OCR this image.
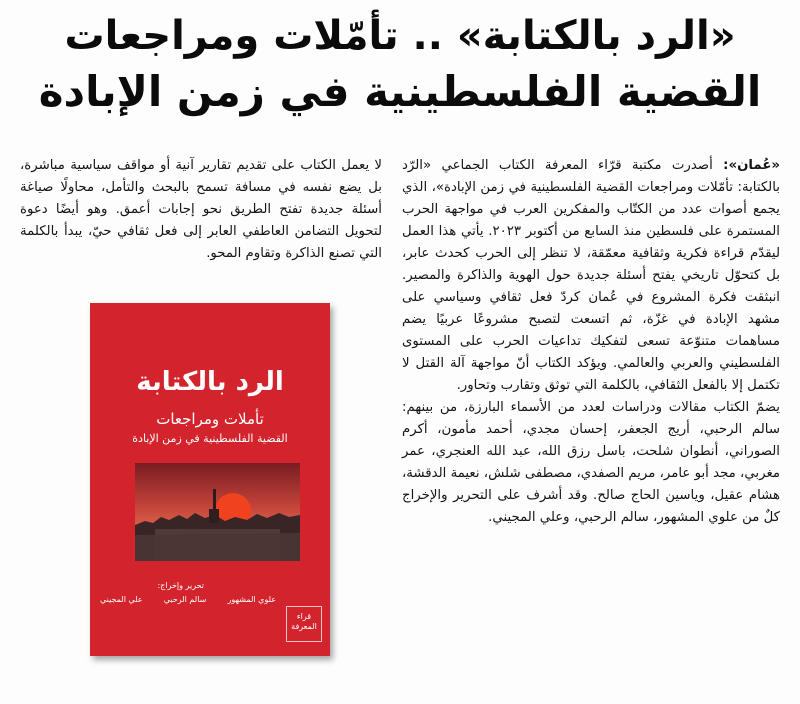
«الرد بالكتابة» .. تأمّلات ومراجعات
القضية الفلسطينية في زمن الإبادة

«عُمان»: أصدرت مكتبة قرّاء المعرفة الكتاب الجماعي «الرّد بالكتابة: تأمّلات ومراجعات القضية الفلسطينية في زمن الإبادة»، الذي يجمع أصوات عدد من الكتّاب والمفكرين العرب في مواجهة الحرب المستمرة على فلسطين منذ السابع من أكتوبر ٢٠٢٣. يأتي هذا العمل ليقدّم قراءة فكرية وثقافية معمّقة، لا تنظر إلى الحرب كحدث عابر، بل كتحوّل تاريخي يفتح أسئلة جديدة حول الهوية والذاكرة والمصير. انبثقت فكرة المشروع في عُمان كردّ فعل ثقافي وسياسي على مشهد الإبادة في غزّة، ثم اتسعت لتصبح مشروعًا عربيًا يضم مساهمات متنوّعة تسعى لتفكيك تداعيات الحرب على المستوى الفلسطيني والعربي والعالمي. ويؤكد الكتاب أنّ مواجهة آلة القتل لا تكتمل إلا بالفعل الثقافي، بالكلمة التي توثق وتقارب وتحاور.

يضمّ الكتاب مقالات ودراسات لعدد من الأسماء البارزة، من بينهم: سالم الرحبي، أريج الجعفر، إحسان مجدي، أحمد مأمون، أكرم الصوراني، أنطوان شلحت، باسل رزق الله، عبد الله العنجري، عمر مغربي، مجد أبو عامر، مريم الصفدي، مصطفى شلش، نعيمة الدقشة، هشام عقيل، وياسين الحاج صالح. وقد أشرف على التحرير والإخراج كلٌ من علوي المشهور، سالم الرحبي، وعلي المجيني.

لا يعمل الكتاب على تقديم تقارير آنية أو مواقف سياسية مباشرة، بل يضع نفسه في مسافة تسمح بالبحث والتأمل، محاولًا صياغة أسئلة جديدة تفتح الطريق نحو إجابات أعمق. وهو أيضًا دعوة لتحويل التضامن العاطفي العابر إلى فعل ثقافي حيّ، يبدأ بالكلمة التي تصنع الذاكرة وتقاوم المحو.

الرد بالكتابة
تأملات ومراجعات
القضية الفلسطينية في زمن الإبادة
تحرير وإخراج:
علوي المشهور
سالم الرحبي
علي المجيني
قراء المعرفة
